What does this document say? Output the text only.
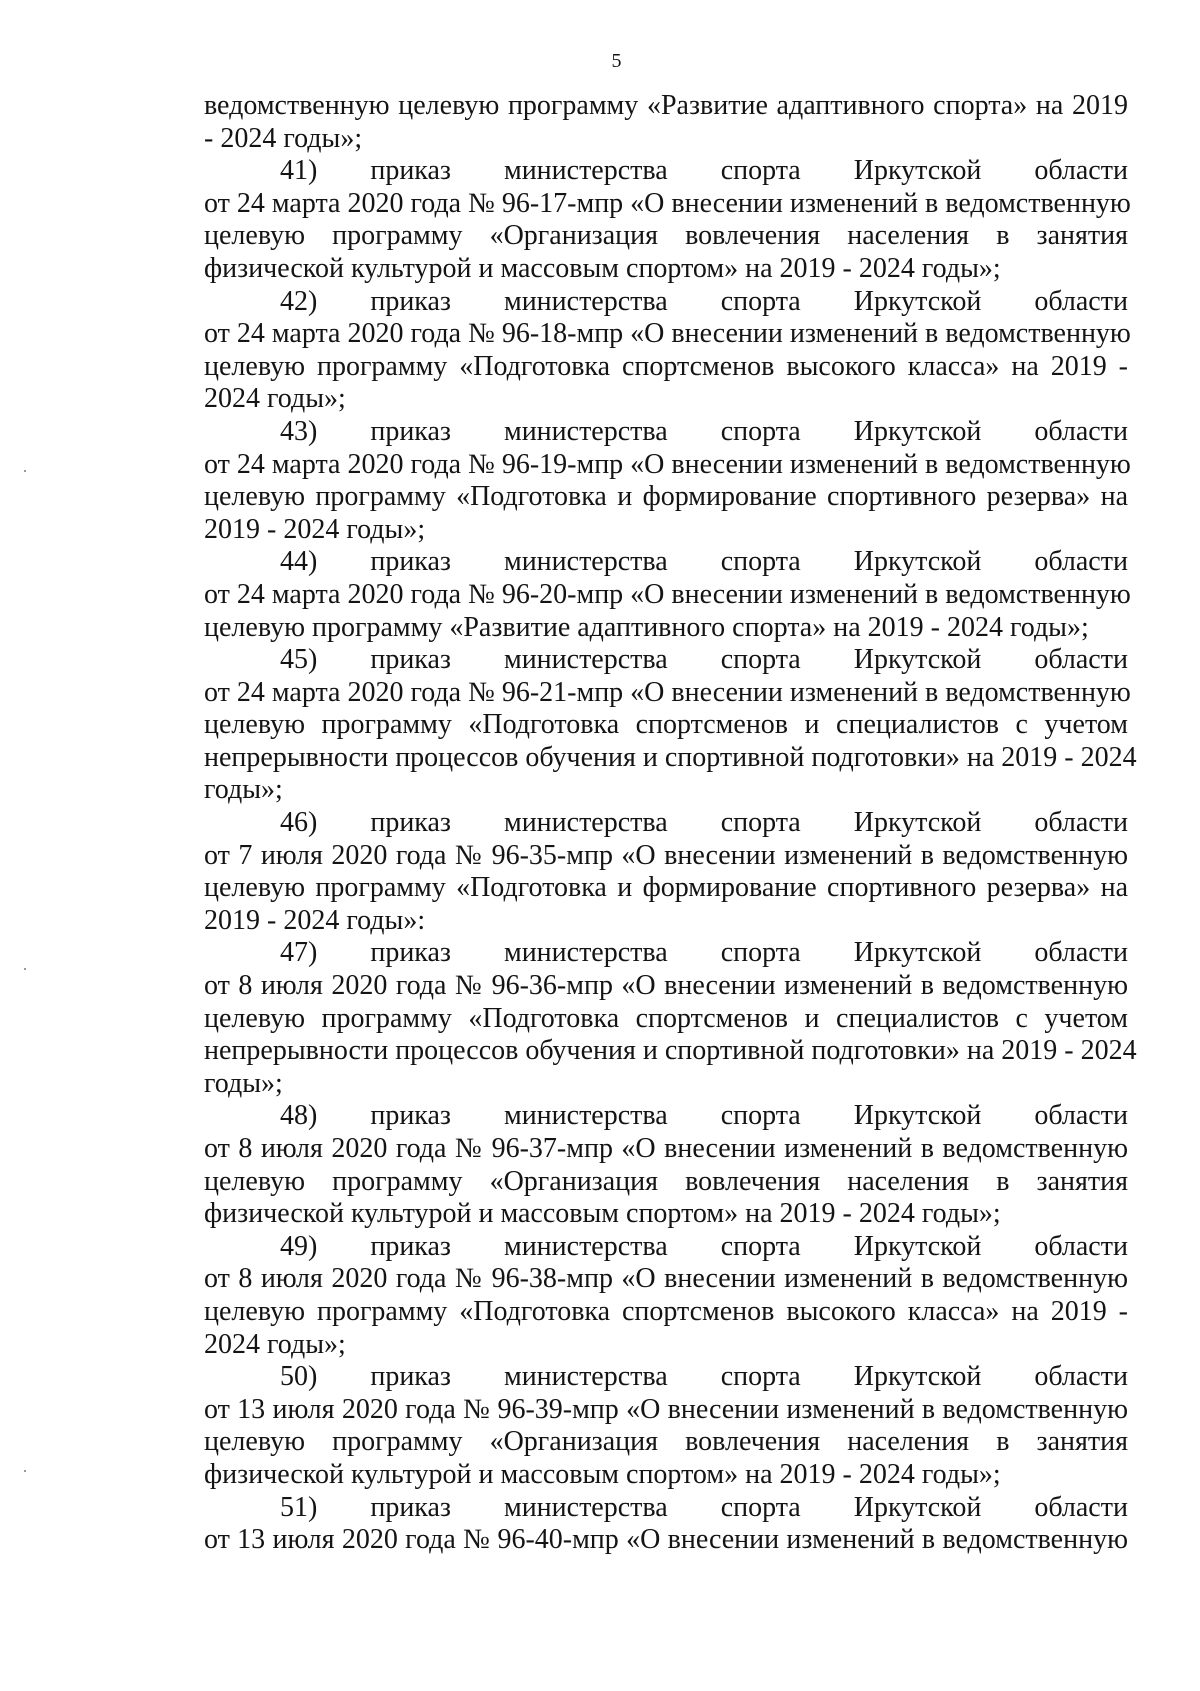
5
ведомственную целевую программу «Развитие адаптивного спорта» на 2019
- 2024 годы»;
41) приказ министерства спорта Иркутской области
от 24 марта 2020 года № 96-17-мпр «О внесении изменений в ведомственную
целевую программу «Организация вовлечения населения в занятия
физической культурой и массовым спортом» на 2019 - 2024 годы»;
42) приказ министерства спорта Иркутской области
от 24 марта 2020 года № 96-18-мпр «О внесении изменений в ведомственную
целевую программу «Подготовка спортсменов высокого класса» на 2019 -
2024 годы»;
43) приказ министерства спорта Иркутской области
от 24 марта 2020 года № 96-19-мпр «О внесении изменений в ведомственную
целевую программу «Подготовка и формирование спортивного резерва» на
2019 - 2024 годы»;
44) приказ министерства спорта Иркутской области
от 24 марта 2020 года № 96-20-мпр «О внесении изменений в ведомственную
целевую программу «Развитие адаптивного спорта» на 2019 - 2024 годы»;
45) приказ министерства спорта Иркутской области
от 24 марта 2020 года № 96-21-мпр «О внесении изменений в ведомственную
целевую программу «Подготовка спортсменов и специалистов с учетом
непрерывности процессов обучения и спортивной подготовки» на 2019 - 2024
годы»;
46) приказ министерства спорта Иркутской области
от 7 июля 2020 года № 96-35-мпр «О внесении изменений в ведомственную
целевую программу «Подготовка и формирование спортивного резерва» на
2019 - 2024 годы»:
47) приказ министерства спорта Иркутской области
от 8 июля 2020 года № 96-36-мпр «О внесении изменений в ведомственную
целевую программу «Подготовка спортсменов и специалистов с учетом
непрерывности процессов обучения и спортивной подготовки» на 2019 - 2024
годы»;
48) приказ министерства спорта Иркутской области
от 8 июля 2020 года № 96-37-мпр «О внесении изменений в ведомственную
целевую программу «Организация вовлечения населения в занятия
физической культурой и массовым спортом» на 2019 - 2024 годы»;
49) приказ министерства спорта Иркутской области
от 8 июля 2020 года № 96-38-мпр «О внесении изменений в ведомственную
целевую программу «Подготовка спортсменов высокого класса» на 2019 -
2024 годы»;
50) приказ министерства спорта Иркутской области
от 13 июля 2020 года № 96-39-мпр «О внесении изменений в ведомственную
целевую программу «Организация вовлечения населения в занятия
физической культурой и массовым спортом» на 2019 - 2024 годы»;
51) приказ министерства спорта Иркутской области
от 13 июля 2020 года № 96-40-мпр «О внесении изменений в ведомственную
